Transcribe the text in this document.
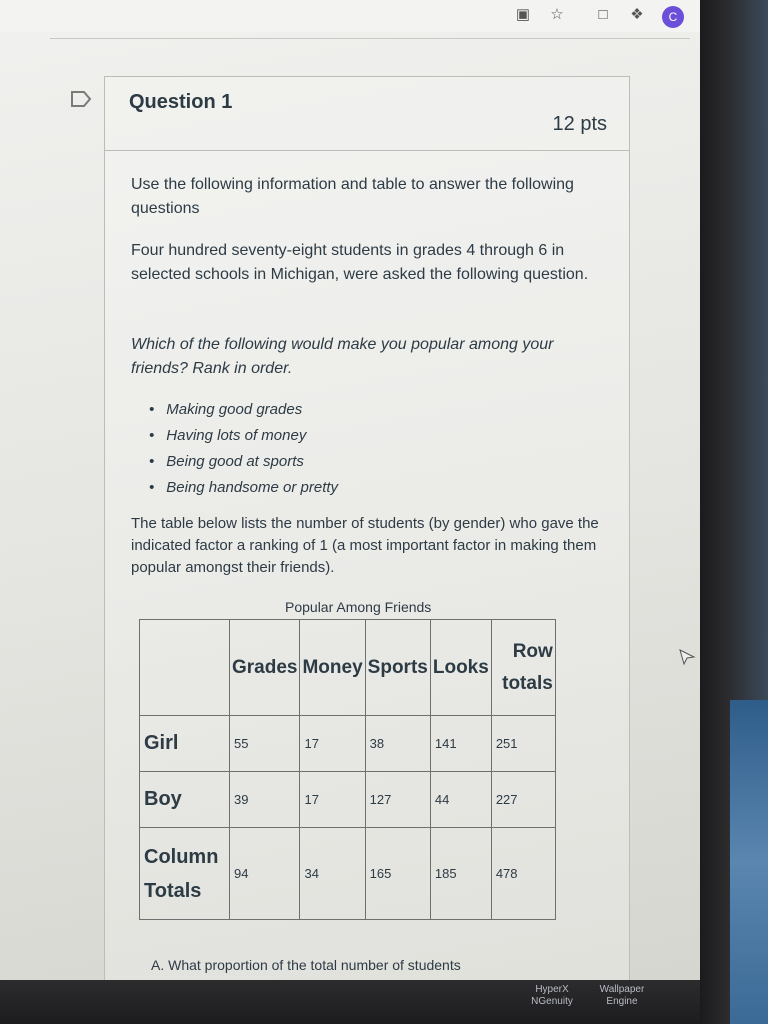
▣ ☆ □ ❖	C
Question 1
12 pts
Use the following information and table to answer the following questions
Four hundred seventy-eight students in grades 4 through 6 in selected schools in Michigan, were asked the following question.
Which of the following would make you popular among your friends? Rank in order.
• Making good grades
• Having lots of money
• Being good at sports
• Being handsome or pretty
The table below lists the number of students (by gender) who gave the indicated factor a ranking of 1 (a most important factor in making them popular amongst their friends).
Popular Among Friends
	Grades	Money	Sports	Looks	Row totals
Girl	55	17	38	141	251
Boy	39	17	127	44	227
Column Totals	94	34	165	185	478
A. What proportion of the total number of students
HyperX NGenuity
Wallpaper Engine
